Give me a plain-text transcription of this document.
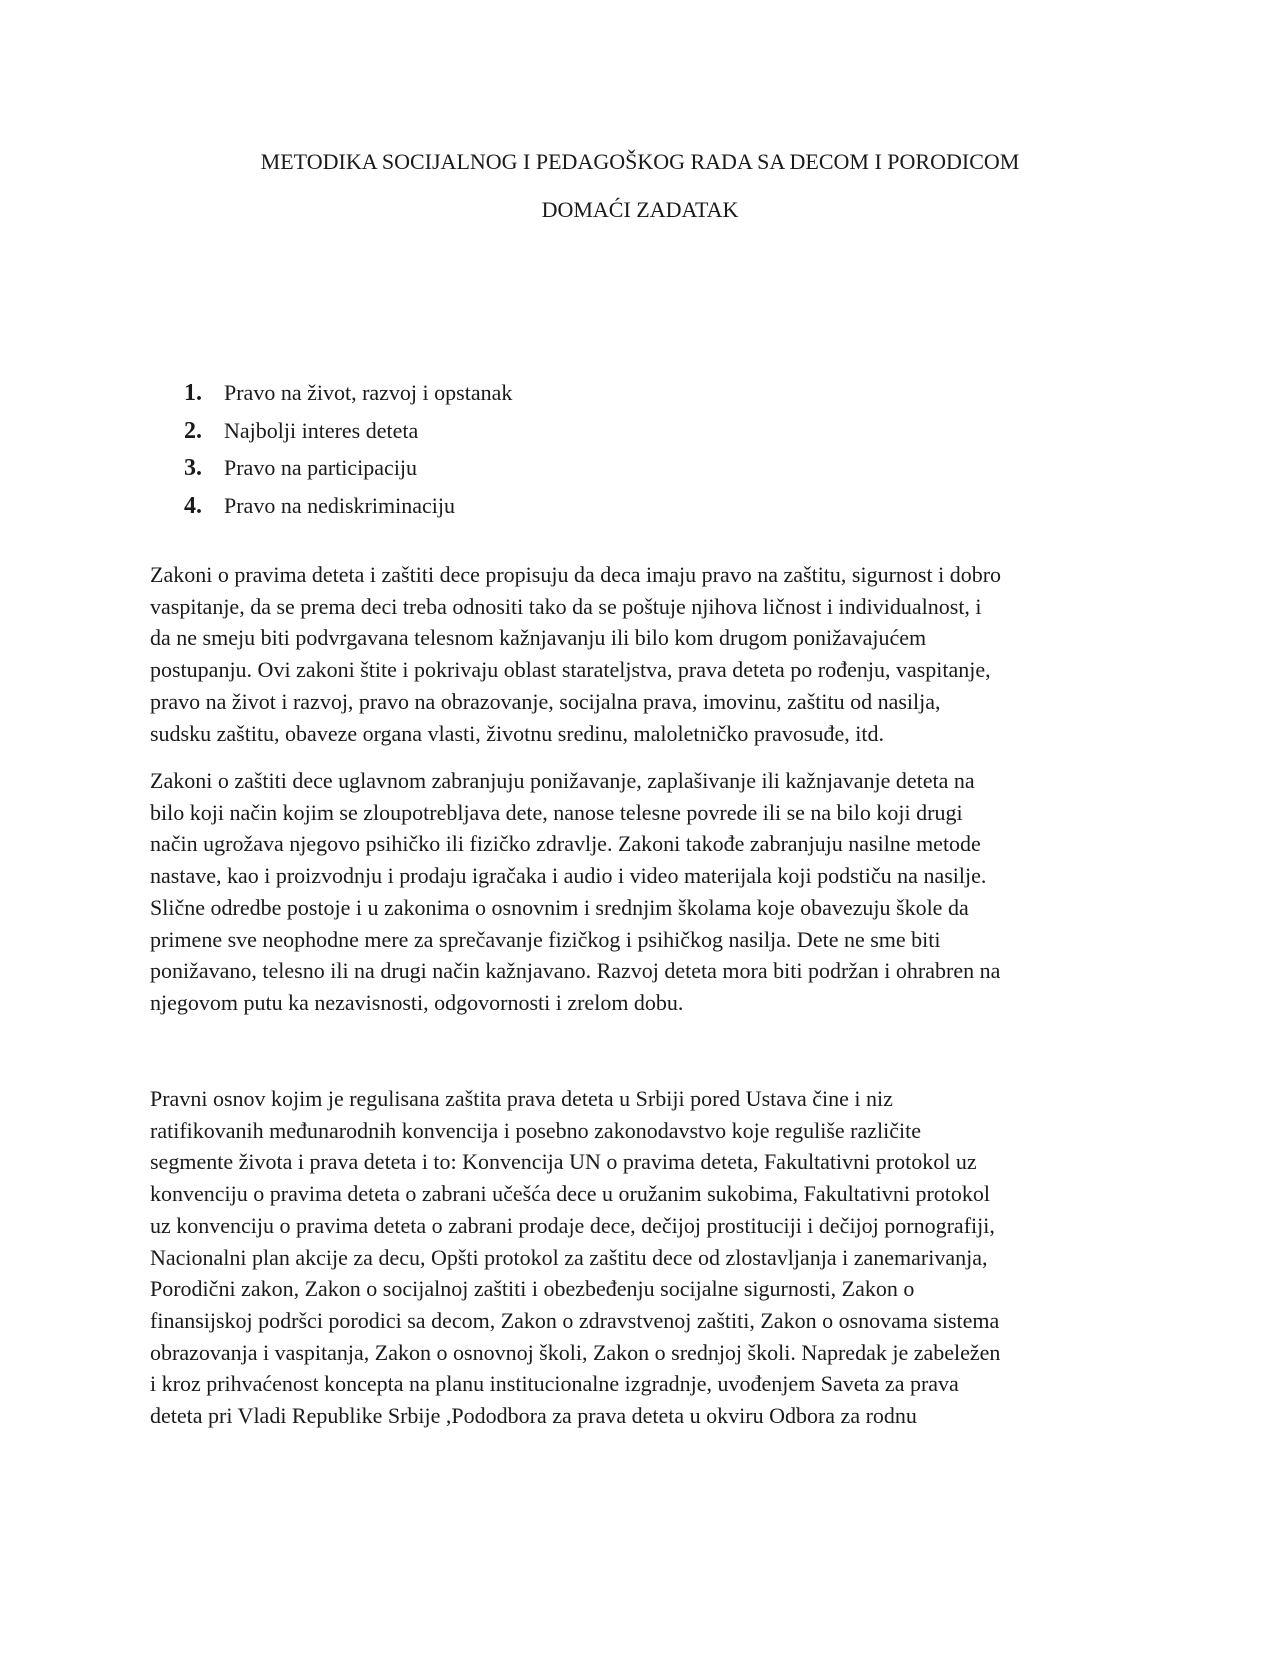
METODIKA SOCIJALNOG I PEDAGOŠKOG RADA SA DECOM I PORODICOM
DOMAĆI ZADATAK
1. Pravo na život, razvoj i opstanak
2. Najbolji interes deteta
3. Pravo na participaciju
4. Pravo na nediskriminaciju

Zakoni o pravima deteta i zaštiti dece propisuju da deca imaju pravo na zaštitu, sigurnost i dobro
vaspitanje, da se prema deci treba odnositi tako da se poštuje njihova ličnost i individualnost, i
da ne smeju biti podvrgavana telesnom kažnjavanju ili bilo kom drugom ponižavajućem
postupanju. Ovi zakoni štite i pokrivaju oblast starateljstva, prava deteta po rođenju, vaspitanje,
pravo na život i razvoj, pravo na obrazovanje, socijalna prava, imovinu, zaštitu od nasilja,
sudsku zaštitu, obaveze organa vlasti, životnu sredinu, maloletničko pravosuđe, itd.

Zakoni o zaštiti dece uglavnom zabranjuju ponižavanje, zaplašivanje ili kažnjavanje deteta na
bilo koji način kojim se zloupotrebljava dete, nanose telesne povrede ili se na bilo koji drugi
način ugrožava njegovo psihičko ili fizičko zdravlje. Zakoni takođe zabranjuju nasilne metode
nastave, kao i proizvodnju i prodaju igračaka i audio i video materijala koji podstiču na nasilje.
Slične odredbe postoje i u zakonima o osnovnim i srednjim školama koje obavezuju škole da
primene sve neophodne mere za sprečavanje fizičkog i psihičkog nasilja. Dete ne sme biti
ponižavano, telesno ili na drugi način kažnjavano. Razvoj deteta mora biti podržan i ohrabren na
njegovom putu ka nezavisnosti, odgovornosti i zrelom dobu.

Pravni osnov kojim je regulisana zaštita prava deteta u Srbiji pored Ustava čine i niz
ratifikovanih međunarodnih konvencija i posebno zakonodavstvo koje reguliše različite
segmente života i prava deteta i to: Konvencija UN o pravima deteta, Fakultativni protokol uz
konvenciju o pravima deteta o zabrani učešća dece u oružanim sukobima, Fakultativni protokol
uz konvenciju o pravima deteta o zabrani prodaje dece, dečijoj prostituciji i dečijoj pornografiji,
Nacionalni plan akcije za decu, Opšti protokol za zaštitu dece od zlostavljanja i zanemarivanja,
Porodični zakon, Zakon o socijalnoj zaštiti i obezbeđenju socijalne sigurnosti, Zakon o
finansijskoj podršci porodici sa decom, Zakon o zdravstvenoj zaštiti, Zakon o osnovama sistema
obrazovanja i vaspitanja, Zakon o osnovnoj školi, Zakon o srednjoj školi. Napredak je zabeležen
i kroz prihvaćenost koncepta na planu institucionalne izgradnje, uvođenjem Saveta za prava
deteta pri Vladi Republike Srbije ,Pododbora za prava deteta u okviru Odbora za rodnu
